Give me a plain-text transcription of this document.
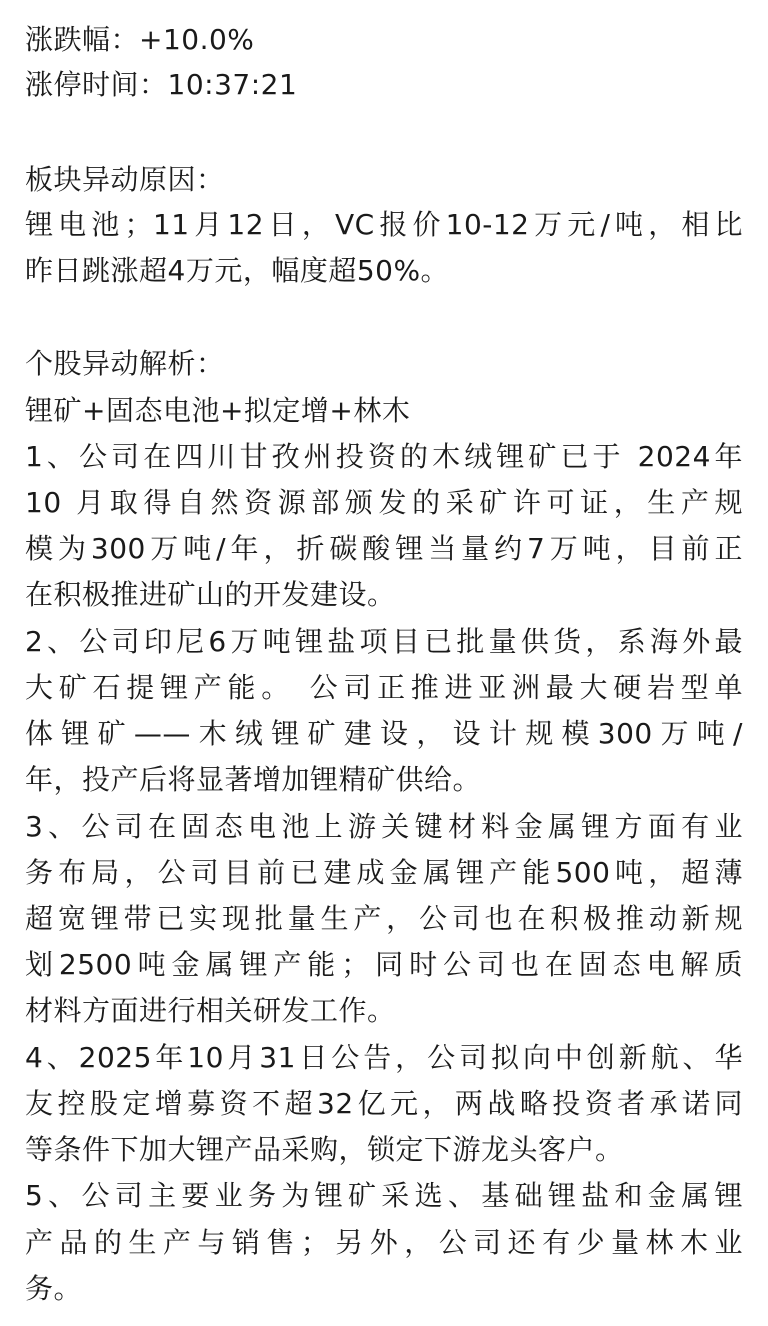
涨跌幅：+10.0%
涨停时间：10:37:21
板块异动原因：
锂电池；11月12日，VC报价10-12万元/吨，相比
昨日跳涨超4万元，幅度超50%。
个股异动解析：
锂矿+固态电池+拟定增+林木
1、公司在四川甘孜州投资的木绒锂矿已于 2024年
10 月取得自然资源部颁发的采矿许可证，生产规
模为300万吨/年，折碳酸锂当量约7万吨，目前正
在积极推进矿山的开发建设。
2、公司印尼6万吨锂盐项目已批量供货，系海外最
大矿石提锂产能。 公司正推进亚洲最大硬岩型单
体锂矿——木绒锂矿建设，设计规模300万吨/
年，投产后将显著增加锂精矿供给。
3、公司在固态电池上游关键材料金属锂方面有业
务布局，公司目前已建成金属锂产能500吨，超薄
超宽锂带已实现批量生产，公司也在积极推动新规
划2500吨金属锂产能；同时公司也在固态电解质
材料方面进行相关研发工作。
4、2025年10月31日公告，公司拟向中创新航、华
友控股定增募资不超32亿元，两战略投资者承诺同
等条件下加大锂产品采购，锁定下游龙头客户。
5、公司主要业务为锂矿采选、基础锂盐和金属锂
产品的生产与销售；另外，公司还有少量林木业
务。
